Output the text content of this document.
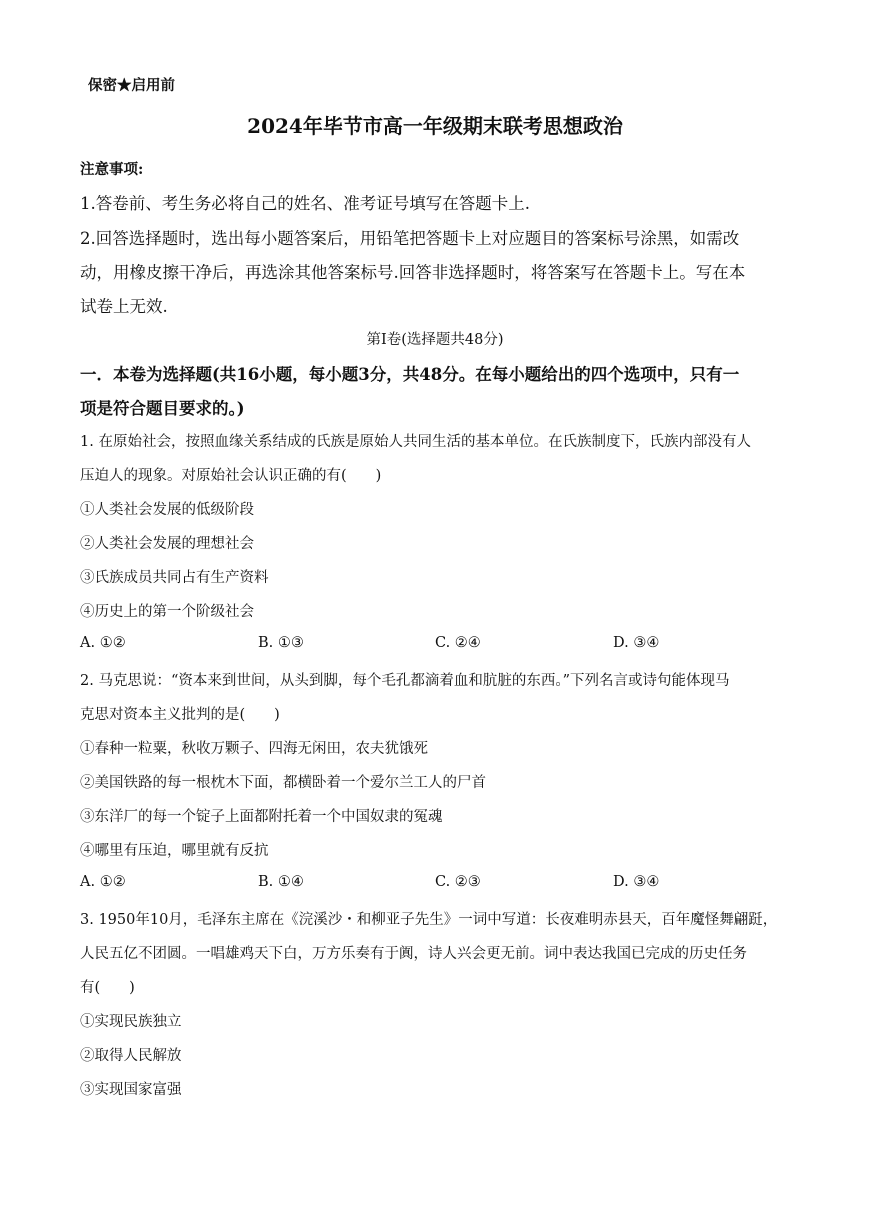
保密★启用前
2024年毕节市高一年级期末联考思想政治
注意事项:
1.答卷前、考生务必将自己的姓名、准考证号填写在答题卡上.
2.回答选择题时，选出每小题答案后，用铅笔把答题卡上对应题目的答案标号涂黑，如需改
动，用橡皮擦干净后，再选涂其他答案标号.回答非选择题时，将答案写在答题卡上。写在本
试卷上无效.
第Ⅰ卷(选择题共48分)
一．本卷为选择题(共16小题，每小题3分，共48分。在每小题给出的四个选项中，只有一
项是符合题目要求的。)
1. 在原始社会，按照血缘关系结成的氏族是原始人共同生活的基本单位。在氏族制度下，氏族内部没有人
压迫人的现象。对原始社会认识正确的有(　　)
①人类社会发展的低级阶段
②人类社会发展的理想社会
③氏族成员共同占有生产资料
④历史上的第一个阶级社会
A. ①②	B. ①③	C. ②④	D. ③④
2. 马克思说：“资本来到世间，从头到脚，每个毛孔都滴着血和肮脏的东西。”下列名言或诗句能体现马
克思对资本主义批判的是(　　)
①春种一粒粟，秋收万颗子、四海无闲田，农夫犹饿死
②美国铁路的每一根枕木下面，都横卧着一个爱尔兰工人的尸首
③东洋厂的每一个锭子上面都附托着一个中国奴隶的冤魂
④哪里有压迫，哪里就有反抗
A. ①②	B. ①④	C. ②③	D. ③④
3. 1950年10月，毛泽东主席在《浣溪沙・和柳亚子先生》一词中写道：长夜难明赤县天，百年魔怪舞翩跹，
人民五亿不团圆。一唱雄鸡天下白，万方乐奏有于阗，诗人兴会更无前。词中表达我国已完成的历史任务
有(　　)
①实现民族独立
②取得人民解放
③实现国家富强
